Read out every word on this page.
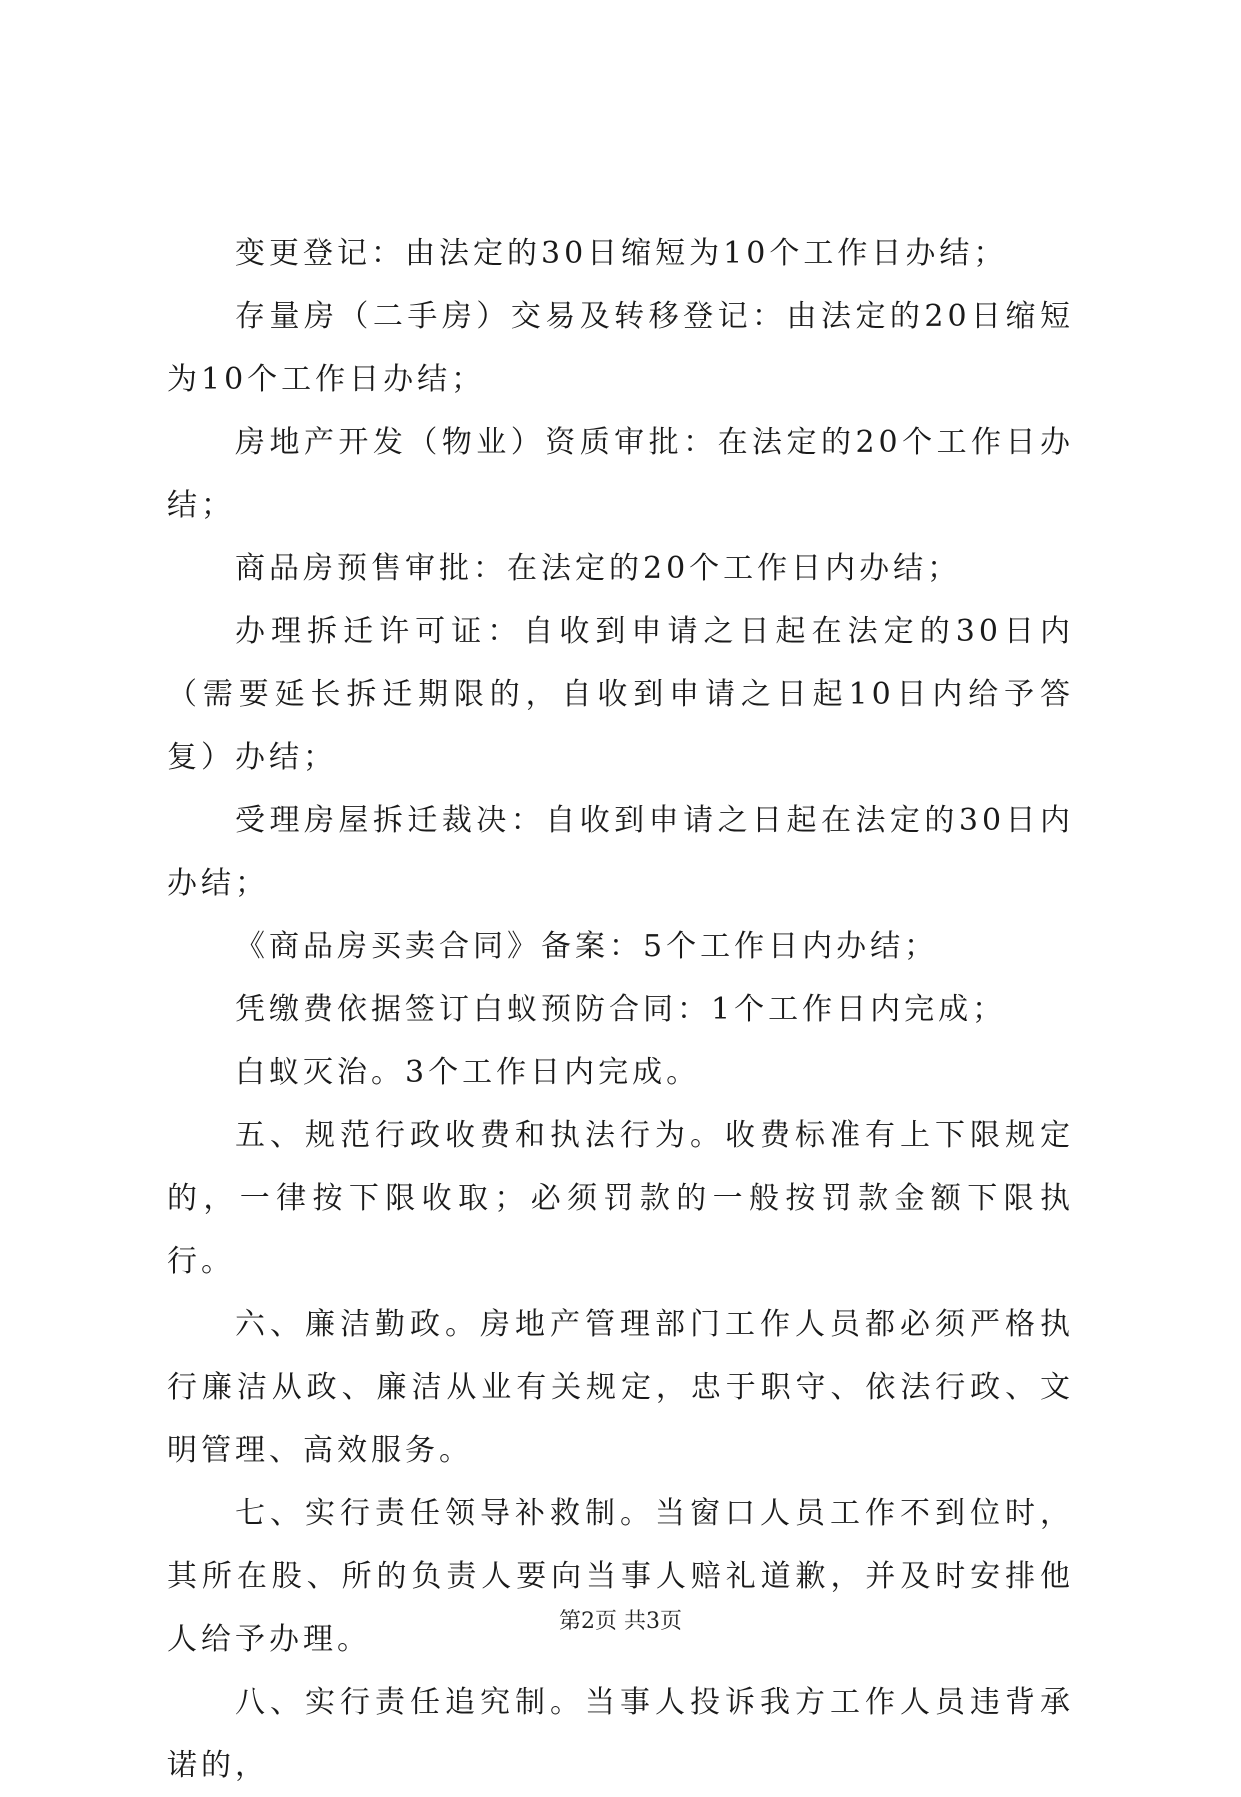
变更登记：由法定的30日缩短为10个工作日办结；

存量房（二手房）交易及转移登记：由法定的20日缩短为10个工作日办结；

房地产开发（物业）资质审批：在法定的20个工作日办结；

商品房预售审批：在法定的20个工作日内办结；

办理拆迁许可证：自收到申请之日起在法定的30日内（需要延长拆迁期限的，自收到申请之日起10日内给予答复）办结；

受理房屋拆迁裁决：自收到申请之日起在法定的30日内办结；

《商品房买卖合同》备案：5个工作日内办结；

凭缴费依据签订白蚁预防合同：1个工作日内完成；

白蚁灭治。3个工作日内完成。

五、规范行政收费和执法行为。收费标准有上下限规定的，一律按下限收取；必须罚款的一般按罚款金额下限执行。

六、廉洁勤政。房地产管理部门工作人员都必须严格执行廉洁从政、廉洁从业有关规定，忠于职守、依法行政、文明管理、高效服务。

七、实行责任领导补救制。当窗口人员工作不到位时，其所在股、所的负责人要向当事人赔礼道歉，并及时安排他人给予办理。

八、实行责任追究制。当事人投诉我方工作人员违背承诺的，

第2页 共3页
